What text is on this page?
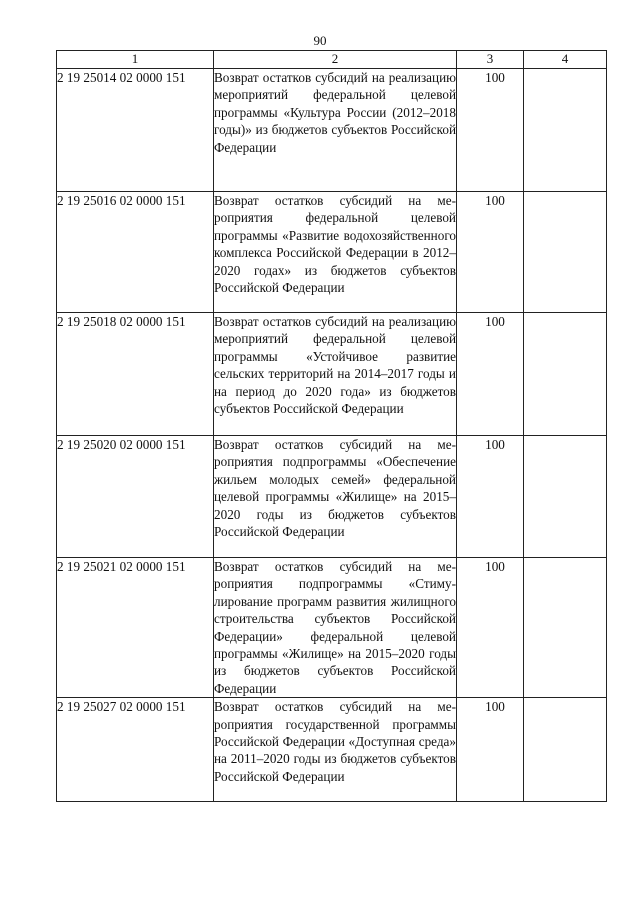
90
1	2	3	4
2 19 25014 02 0000 151	Возврат остатков субсидий на реализацию мероприятий федеральной целевой программы «Культура России (2012–2018 годы)» из бюджетов субъектов Российской Федерации	100	

2 19 25016 02 0000 151	Возврат остатков субсидий на мероприятия федеральной целевой программы «Развитие водохозяйственного комплекса Российской Федерации в 2012–2020 годах» из бюджетов субъектов Российской Федерации	100	

2 19 25018 02 0000 151	Возврат остатков субсидий на реализацию мероприятий федеральной целевой программы «Устойчивое развитие сельских территорий на 2014–2017 годы и на период до 2020 года» из бюджетов субъектов Российской Федерации	100	

2 19 25020 02 0000 151	Возврат остатков субсидий на мероприятия подпрограммы «Обеспечение жильем молодых семей» федеральной целевой программы «Жилище» на 2015–2020 годы из бюджетов субъектов Российской Федерации	100	

2 19 25021 02 0000 151	Возврат остатков субсидий на мероприятия подпрограммы «Стимулирование программ развития жилищного строительства субъектов Российской Федерации» федеральной целевой программы «Жилище» на 2015–2020 годы из бюджетов субъектов Российской Федерации	100	

2 19 25027 02 0000 151	Возврат остатков субсидий на мероприятия государственной программы Российской Федерации «Доступная среда» на 2011–2020 годы из бюджетов субъектов Российской Федерации	100	
